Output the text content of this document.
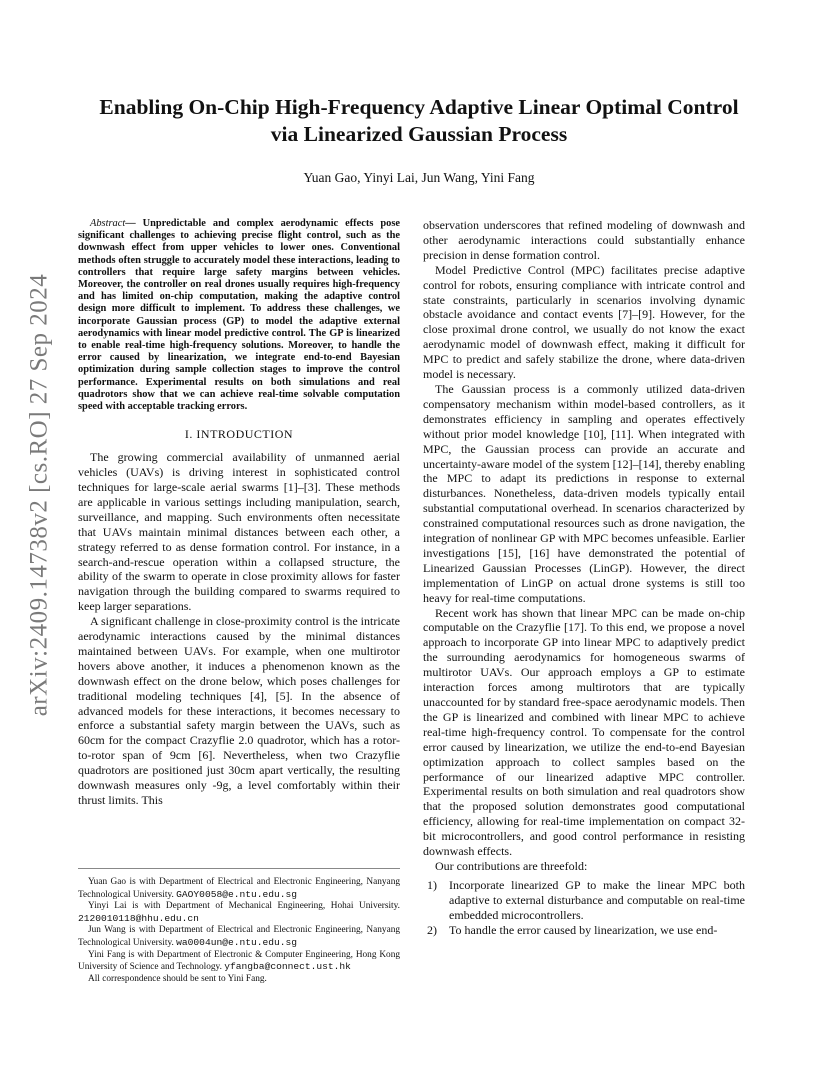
arXiv:2409.14738v2 [cs.RO] 27 Sep 2024
Enabling On-Chip High-Frequency Adaptive Linear Optimal Control
via Linearized Gaussian Process
Yuan Gao, Yinyi Lai, Jun Wang, Yini Fang

Abstract— Unpredictable and complex aerodynamic effects pose significant challenges to achieving precise flight control, such as the downwash effect from upper vehicles to lower ones. Conventional methods often struggle to accurately model these interactions, leading to controllers that require large safety margins between vehicles. Moreover, the controller on real drones usually requires high-frequency and has limited on-chip computation, making the adaptive control design more difficult to implement. To address these challenges, we incorporate Gaussian process (GP) to model the adaptive external aerodynamics with linear model predictive control. The GP is linearized to enable real-time high-frequency solutions. Moreover, to handle the error caused by linearization, we integrate end-to-end Bayesian optimization during sample collection stages to improve the control performance. Experimental results on both simulations and real quadrotors show that we can achieve real-time solvable computation speed with acceptable tracking errors.

I. INTRODUCTION

The growing commercial availability of unmanned aerial vehicles (UAVs) is driving interest in sophisticated control techniques for large-scale aerial swarms [1]–[3]. These methods are applicable in various settings including manipulation, search, surveillance, and mapping. Such environments often necessitate that UAVs maintain minimal distances between each other, a strategy referred to as dense formation control. For instance, in a search-and-rescue operation within a collapsed structure, the ability of the swarm to operate in close proximity allows for faster navigation through the building compared to swarms required to keep larger separations.

A significant challenge in close-proximity control is the intricate aerodynamic interactions caused by the minimal distances maintained between UAVs. For example, when one multirotor hovers above another, it induces a phenomenon known as the downwash effect on the drone below, which poses challenges for traditional modeling techniques [4], [5]. In the absence of advanced models for these interactions, it becomes necessary to enforce a substantial safety margin between the UAVs, such as 60cm for the compact Crazyflie 2.0 quadrotor, which has a rotor-to-rotor span of 9cm [6]. Nevertheless, when two Crazyflie quadrotors are positioned just 30cm apart vertically, the resulting downwash measures only -9g, a level comfortably within their thrust limits. This

Yuan Gao is with Department of Electrical and Electronic Engineering, Nanyang Technological University. GAOY0058@e.ntu.edu.sg

Yinyi Lai is with Department of Mechanical Engineering, Hohai University. 2120010118@hhu.edu.cn

Jun Wang is with Department of Electrical and Electronic Engineering, Nanyang Technological University. wa0004un@e.ntu.edu.sg

Yini Fang is with Department of Electronic & Computer Engineering, Hong Kong University of Science and Technology. yfangba@connect.ust.hk

All correspondence should be sent to Yini Fang.

observation underscores that refined modeling of downwash and other aerodynamic interactions could substantially enhance precision in dense formation control.

Model Predictive Control (MPC) facilitates precise adaptive control for robots, ensuring compliance with intricate control and state constraints, particularly in scenarios involving dynamic obstacle avoidance and contact events [7]–[9]. However, for the close proximal drone control, we usually do not know the exact aerodynamic model of downwash effect, making it difficult for MPC to predict and safely stabilize the drone, where data-driven model is necessary.

The Gaussian process is a commonly utilized data-driven compensatory mechanism within model-based controllers, as it demonstrates efficiency in sampling and operates effectively without prior model knowledge [10], [11]. When integrated with MPC, the Gaussian process can provide an accurate and uncertainty-aware model of the system [12]–[14], thereby enabling the MPC to adapt its predictions in response to external disturbances. Nonetheless, data-driven models typically entail substantial computational overhead. In scenarios characterized by constrained computational resources such as drone navigation, the integration of nonlinear GP with MPC becomes unfeasible. Earlier investigations [15], [16] have demonstrated the potential of Linearized Gaussian Processes (LinGP). However, the direct implementation of LinGP on actual drone systems is still too heavy for real-time computations.

Recent work has shown that linear MPC can be made on-chip computable on the Crazyflie [17]. To this end, we propose a novel approach to incorporate GP into linear MPC to adaptively predict the surrounding aerodynamics for homogeneous swarms of multirotor UAVs. Our approach employs a GP to estimate interaction forces among multirotors that are typically unaccounted for by standard free-space aerodynamic models. Then the GP is linearized and combined with linear MPC to achieve real-time high-frequency control. To compensate for the control error caused by linearization, we utilize the end-to-end Bayesian optimization approach to collect samples based on the performance of our linearized adaptive MPC controller. Experimental results on both simulation and real quadrotors show that the proposed solution demonstrates good computational efficiency, allowing for real-time implementation on compact 32-bit microcontrollers, and good control performance in resisting downwash effects.

Our contributions are threefold:

1)	Incorporate linearized GP to make the linear MPC both adaptive to external disturbance and computable on real-time embedded microcontrollers.
2)	To handle the error caused by linearization, we use end-
